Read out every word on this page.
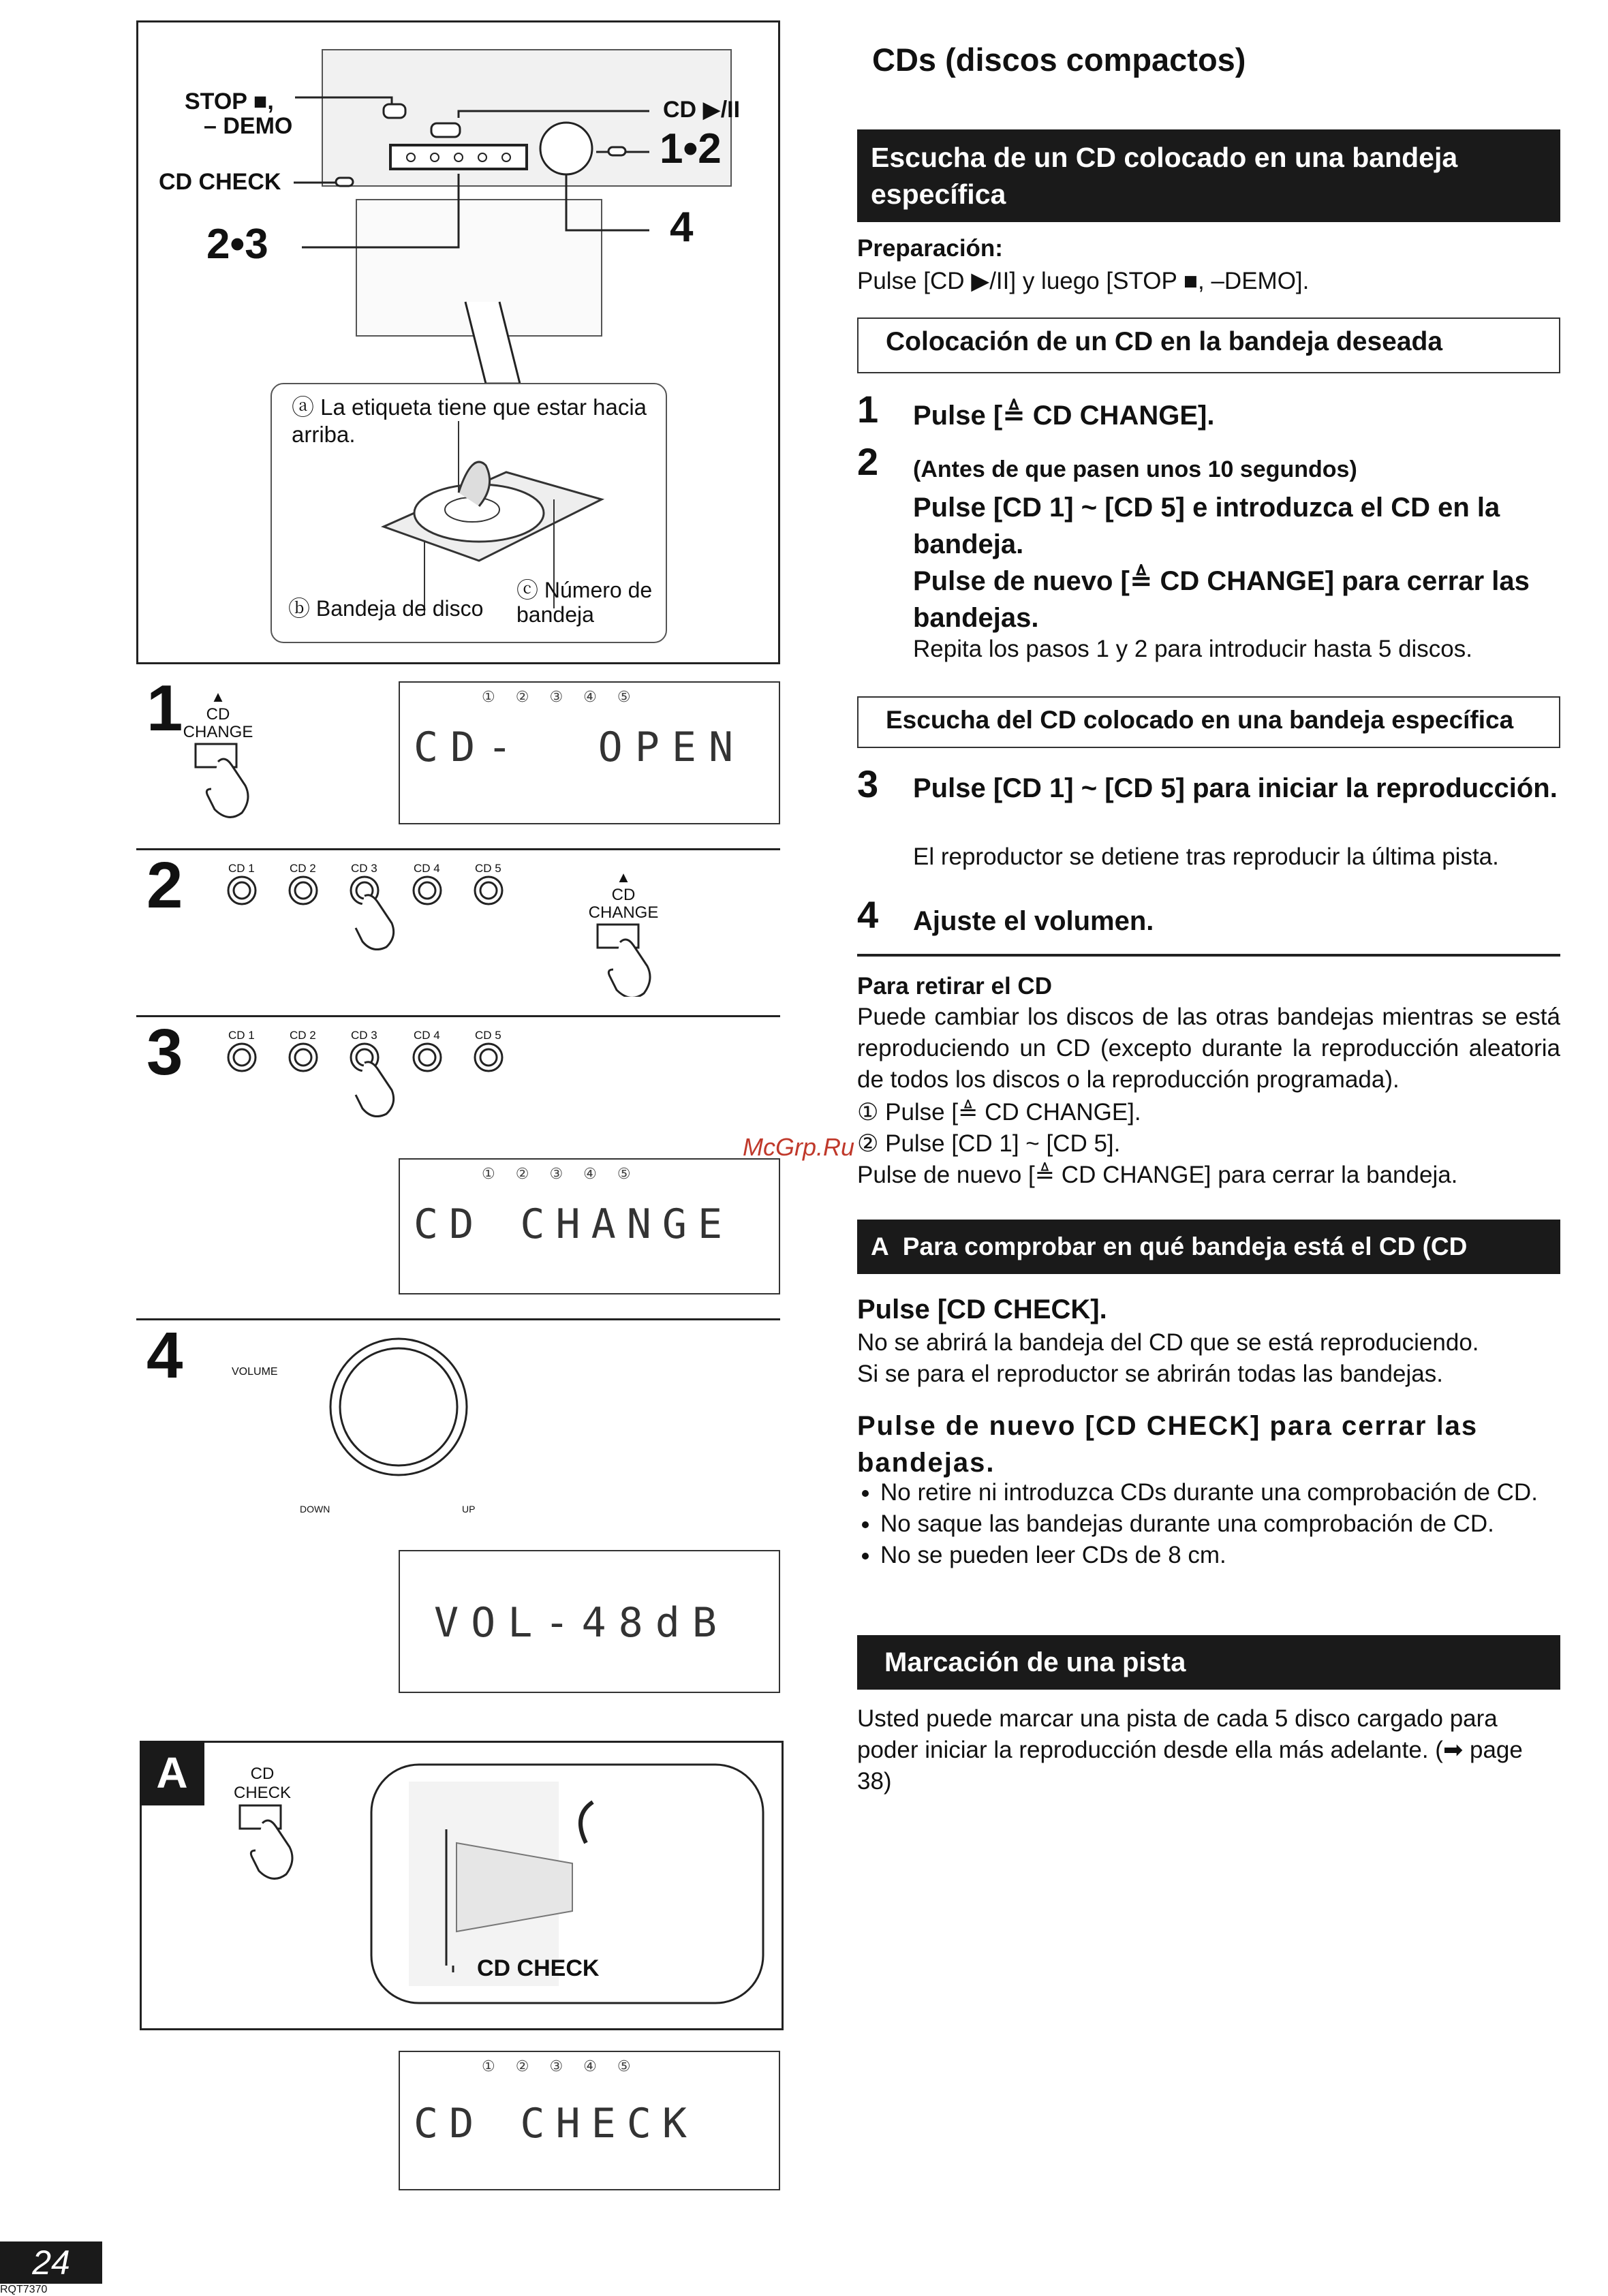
STOP ■,
– DEMO
CD ▶/II
CD CHECK
1•2
2•3	4
ⓐ La etiqueta tiene que estar hacia arriba.
ⓑ Bandeja de disco
ⓒ Número de bandeja
1	▲
CD CHANGE
①②③④⑤
CD-  OPEN
2	CD 1	CD 2	CD 3	CD 4	CD 5
▲
CD CHANGE
3	CD 1	CD 2	CD 3	CD 4	CD 5
①②③④⑤
CD CHANGE
4	VOLUME
DOWN	UP
VOL-48dB
A	CD CHECK
CD CHECK
①②③④⑤
CD CHECK
24
RQT7370
CDs (discos compactos)
Escucha de un CD colocado en una bandeja específica
Preparación:
Pulse [CD ▶/II] y luego [STOP ■, –DEMO].
Colocación de un CD en la bandeja deseada
1 Pulse [≜ CD CHANGE].
2 (Antes de que pasen unos 10 segundos)
Pulse [CD 1] ~ [CD 5] e introduzca el CD en la bandeja.
Pulse de nuevo [≜ CD CHANGE] para cerrar las bandejas.
Repita los pasos 1 y 2 para introducir hasta 5 discos.
Escucha del CD colocado en una bandeja específica
3 Pulse [CD 1] ~ [CD 5] para iniciar la reproducción.
El reproductor se detiene tras reproducir la última pista.
4 Ajuste el volumen.
Para retirar el CD
Puede cambiar los discos de las otras bandejas mientras se está reproduciendo un CD (excepto durante la reproducción aleatoria de todos los discos o la reproducción programada).
① Pulse [≜ CD CHANGE].
② Pulse [CD 1] ~ [CD 5].
Pulse de nuevo [≜ CD CHANGE] para cerrar la bandeja.
McGrp.Ru
A Para comprobar en qué bandeja está el CD (CD CHECK)
Pulse [CD CHECK].
No se abrirá la bandeja del CD que se está reproduciendo.
Si se para el reproductor se abrirán todas las bandejas.
Pulse de nuevo [CD CHECK] para cerrar las bandejas.
• No retire ni introduzca CDs durante una comprobación de CD.
• No saque las bandejas durante una comprobación de CD.
• No se pueden leer CDs de 8 cm.
Marcación de una pista
Usted puede marcar una pista de cada 5 disco cargado para poder iniciar la reproducción desde ella más adelante. (➡ page 38)
